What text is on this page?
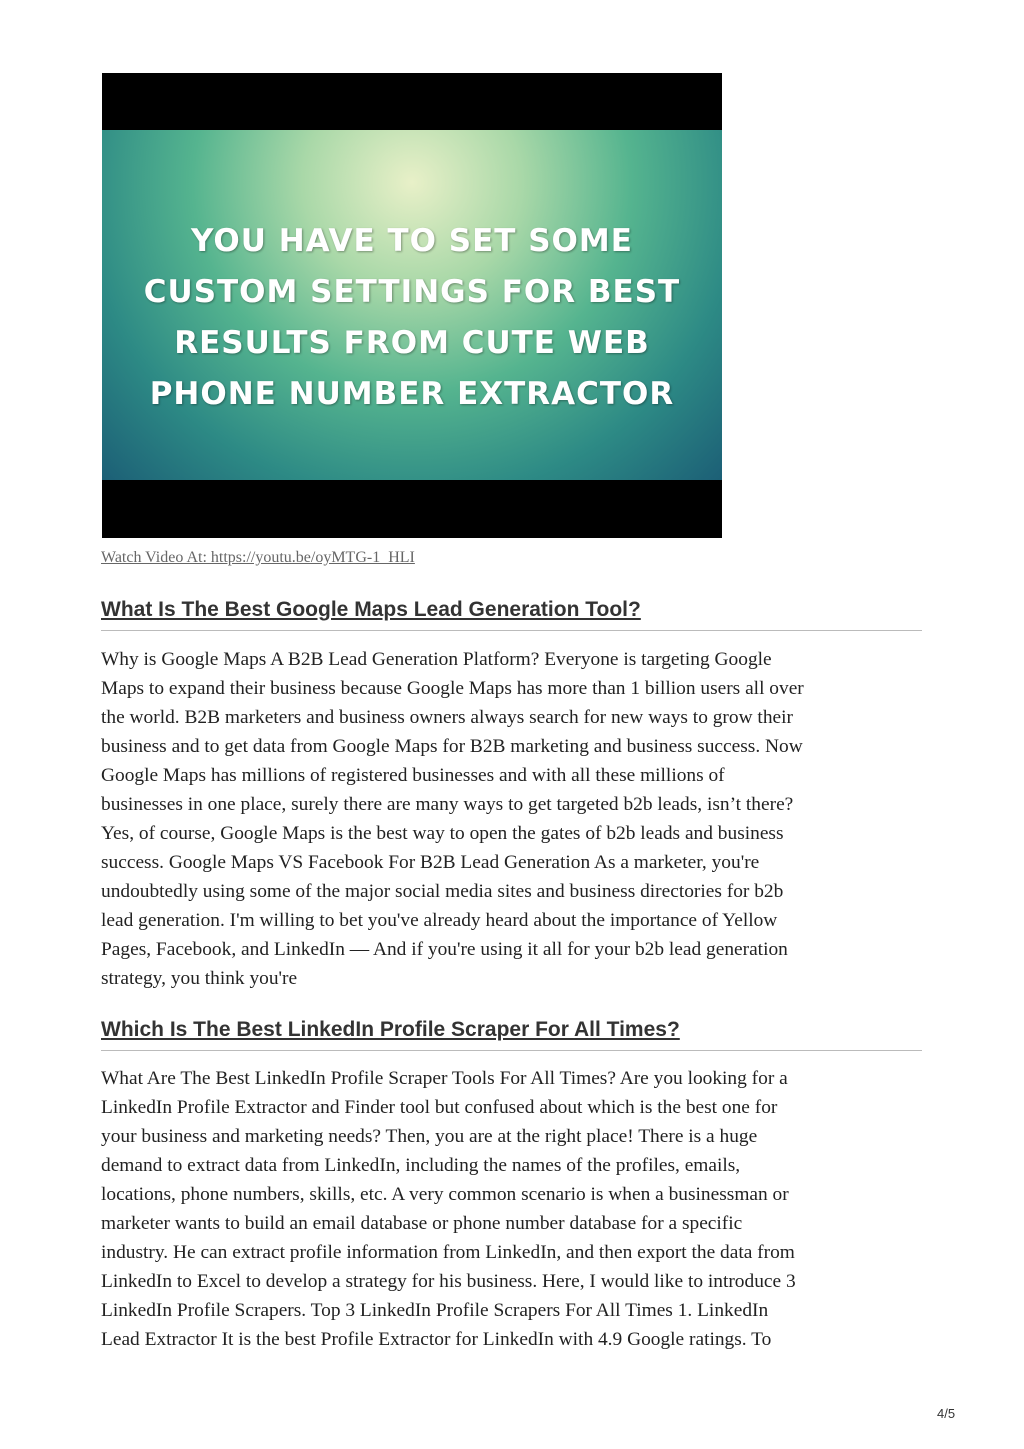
YOU HAVE TO SET SOME
CUSTOM SETTINGS FOR BEST
RESULTS FROM CUTE WEB
PHONE NUMBER EXTRACTOR
Watch Video At: https://youtu.be/oyMTG-1_HLI
What Is The Best Google Maps Lead Generation Tool?

Why is Google Maps A B2B Lead Generation Platform? Everyone is targeting Google
Maps to expand their business because Google Maps has more than 1 billion users all over
the world. B2B marketers and business owners always search for new ways to grow their
business and to get data from Google Maps for B2B marketing and business success. Now
Google Maps has millions of registered businesses and with all these millions of
businesses in one place, surely there are many ways to get targeted b2b leads, isn’t there?
Yes, of course, Google Maps is the best way to open the gates of b2b leads and business
success. Google Maps VS Facebook For B2B Lead Generation As a marketer, you're
undoubtedly using some of the major social media sites and business directories for b2b
lead generation. I'm willing to bet you've already heard about the importance of Yellow
Pages, Facebook, and LinkedIn — And if you're using it all for your b2b lead generation
strategy, you think you're

Which Is The Best LinkedIn Profile Scraper For All Times?

What Are The Best LinkedIn Profile Scraper Tools For All Times? Are you looking for a
LinkedIn Profile Extractor and Finder tool but confused about which is the best one for
your business and marketing needs? Then, you are at the right place! There is a huge
demand to extract data from LinkedIn, including the names of the profiles, emails,
locations, phone numbers, skills, etc. A very common scenario is when a businessman or
marketer wants to build an email database or phone number database for a specific
industry. He can extract profile information from LinkedIn, and then export the data from
LinkedIn to Excel to develop a strategy for his business. Here, I would like to introduce 3
LinkedIn Profile Scrapers. Top 3 LinkedIn Profile Scrapers For All Times 1. LinkedIn
Lead Extractor It is the best Profile Extractor for LinkedIn with 4.9 Google ratings. To

4/5
